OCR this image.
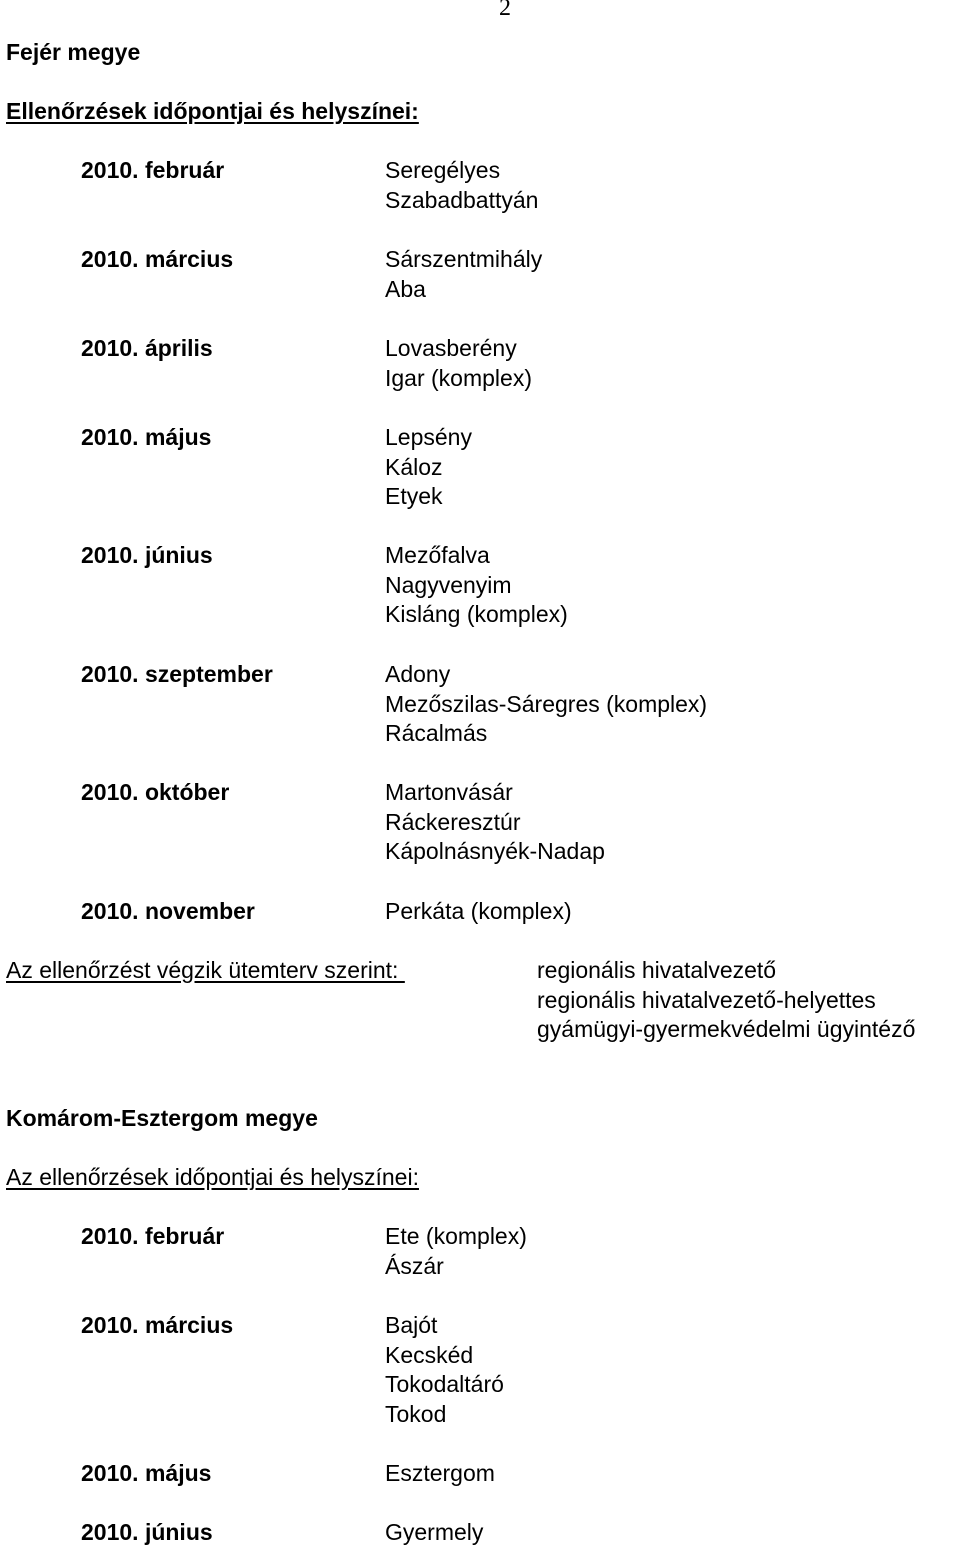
2
Fejér megye
Ellenőrzések időpontjai és helyszínei:
2010. február	Seregélyes
Szabadbattyán
2010. március	Sárszentmihály
Aba
2010. április	Lovasberény
Igar (komplex)
2010. május	Lepsény
Káloz
Etyek
2010. június	Mezőfalva
Nagyvenyim
Kisláng (komplex)
2010. szeptember	Adony
Mezőszilas-Sáregres (komplex)
Rácalmás
2010. október	Martonvásár
Ráckeresztúr
Kápolnásnyék-Nadap
2010. november	Perkáta (komplex)
Az ellenőrzést végzik ütemterv szerint:	regionális hivatalvezető
regionális hivatalvezető-helyettes
gyámügyi-gyermekvédelmi ügyintéző
Komárom-Esztergom megye
Az ellenőrzések időpontjai és helyszínei:
2010. február	Ete (komplex)
Ászár
2010. március	Bajót
Kecskéd
Tokodaltáró
Tokod
2010. május	Esztergom
2010. június	Gyermely
